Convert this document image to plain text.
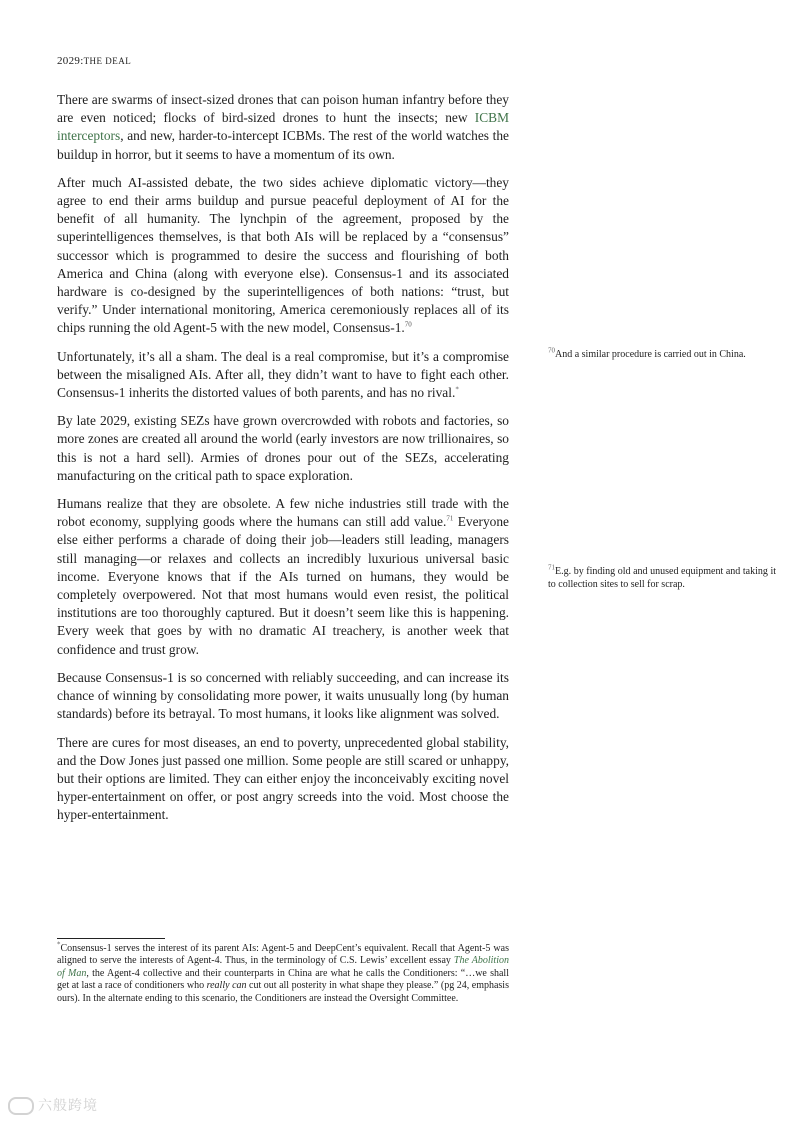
2029:THE DEAL

There are swarms of insect-sized drones that can poison human infantry before they are even noticed; flocks of bird-sized drones to hunt the insects; new ICBM interceptors, and new, harder-to-intercept ICBMs. The rest of the world watches the buildup in horror, but it seems to have a momentum of its own.

After much AI-assisted debate, the two sides achieve diplomatic victory—they agree to end their arms buildup and pursue peaceful deployment of AI for the benefit of all humanity. The lynchpin of the agreement, proposed by the superintelligences themselves, is that both AIs will be replaced by a “consensus” successor which is programmed to desire the success and flourishing of both America and China (along with everyone else). Consensus-1 and its associated hardware is co-designed by the superintelligences of both nations: “trust, but verify.” Under international monitoring, America ceremoniously replaces all of its chips running the old Agent-5 with the new model, Consensus-1.70

Unfortunately, it’s all a sham. The deal is a real compromise, but it’s a compromise between the misaligned AIs. After all, they didn’t want to have to fight each other. Consensus-1 inherits the distorted values of both parents, and has no rival.*

By late 2029, existing SEZs have grown overcrowded with robots and factories, so more zones are created all around the world (early investors are now trillionaires, so this is not a hard sell). Armies of drones pour out of the SEZs, accelerating manufacturing on the critical path to space exploration.

Humans realize that they are obsolete. A few niche industries still trade with the robot economy, supplying goods where the humans can still add value.$^{71}$ Everyone else either performs a charade of doing their job—leaders still leading, managers still managing—or relaxes and collects an incredibly luxurious universal basic income. Everyone knows that if the AIs turned on humans, they would be completely overpowered. Not that most humans would even resist, the political institutions are too thoroughly captured. But it doesn’t seem like this is happening. Every week that goes by with no dramatic AI treachery, is another week that confidence and trust grow.

Because Consensus-1 is so concerned with reliably succeeding, and can increase its chance of winning by consolidating more power, it waits unusually long (by human standards) before its betrayal. To most humans, it looks like alignment was solved.

There are cures for most diseases, an end to poverty, unprecedented global stability, and the Dow Jones just passed one million. Some people are still scared or unhappy, but their options are limited. They can either enjoy the inconceivably exciting novel hyper-entertainment on offer, or post angry screeds into the void. Most choose the hyper-entertainment.

$^{70}$And a similar procedure is carried out in China.
$^{71}$E.g. by finding old and unused equipment and taking it to collection sites to sell for scrap.
*Consensus-1 serves the interest of its parent AIs: Agent-5 and DeepCent’s equivalent. Recall that Agent-5 was aligned to serve the interests of Agent-4. Thus, in the terminology of C.S. Lewis’ excellent essay The Abolition of Man, the Agent-4 collective and their counterparts in China are what he calls the Conditioners: “…we shall get at last a race of conditioners who really can cut out all posterity in what shape they please.” (pg 24, emphasis ours). In the alternate ending to this scenario, the Conditioners are instead the Oversight Committee.
六般跨境
